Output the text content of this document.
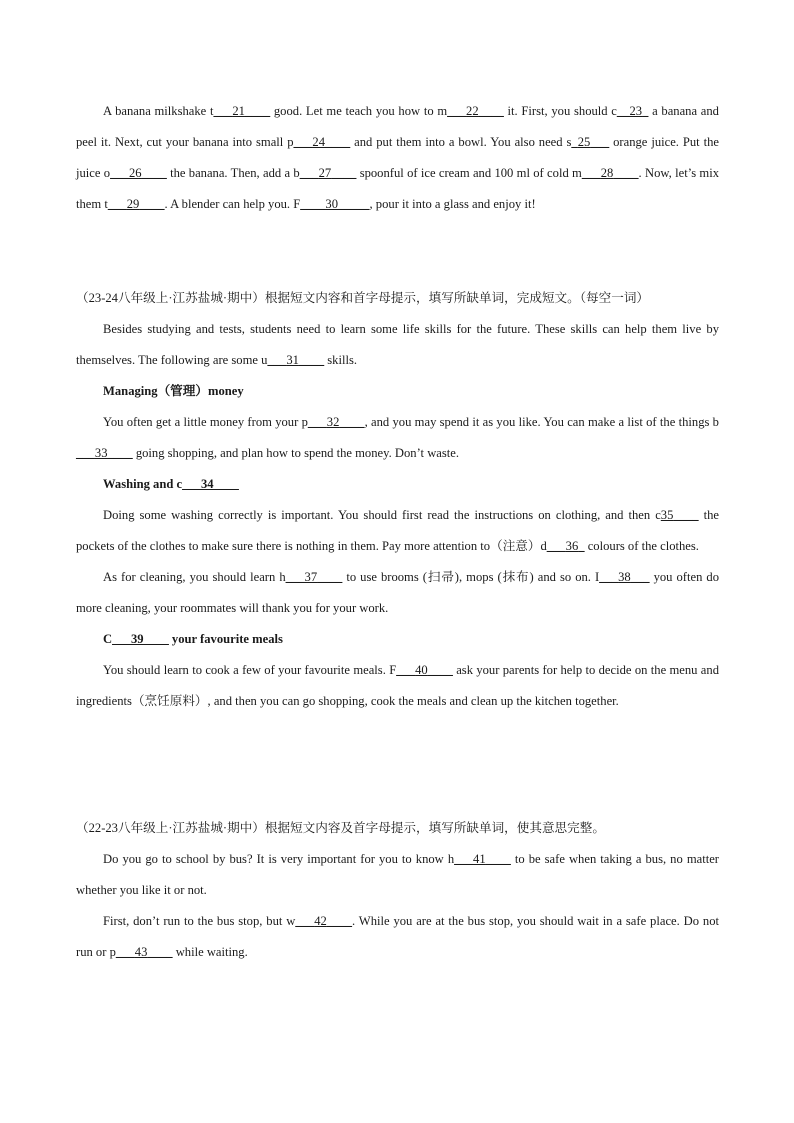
A banana milkshake t___21____ good. Let me teach you how to m___22____ it. First, you should c__23_ a banana and peel it. Next, cut your banana into small p___24____ and put them into a bowl. You also need s_25___ orange juice. Put the juice o___26____ the banana. Then, add a b___27____ spoonful of ice cream and 100 ml of cold m___28____. Now, let’s mix them t___29____. A blender can help you. F____30_____, pour it into a glass and enjoy it!

（23-24八年级上·江苏盐城·期中）根据短文内容和首字母提示，填写所缺单词，完成短文。（每空一词）

Besides studying and tests, students need to learn some life skills for the future. These skills can help them live by themselves. The following are some u___31____ skills.

Managing（管理）money

You often get a little money from your p___32____, and you may spend it as you like. You can make a list of the things b___33____ going shopping, and plan how to spend the money. Don’t waste.

Washing and c___34____

Doing some washing correctly is important. You should first read the instructions on clothing, and then c35____ the pockets of the clothes to make sure there is nothing in them. Pay more attention to（注意）d___36_ colours of the clothes.

As for cleaning, you should learn h___37____ to use brooms (扫帚), mops (抹布) and so on. I___38___ you often do more cleaning, your roommates will thank you for your work.

C___39____ your favourite meals

You should learn to cook a few of your favourite meals. F___40____ ask your parents for help to decide on the menu and ingredients（烹饪原料）, and then you can go shopping, cook the meals and clean up the kitchen together.

（22-23八年级上·江苏盐城·期中）根据短文内容及首字母提示，填写所缺单词，使其意思完整。

Do you go to school by bus? It is very important for you to know h___41____ to be safe when taking a bus, no matter whether you like it or not.

First, don’t run to the bus stop, but w___42____. While you are at the bus stop, you should wait in a safe place. Do not run or p___43____ while waiting.
